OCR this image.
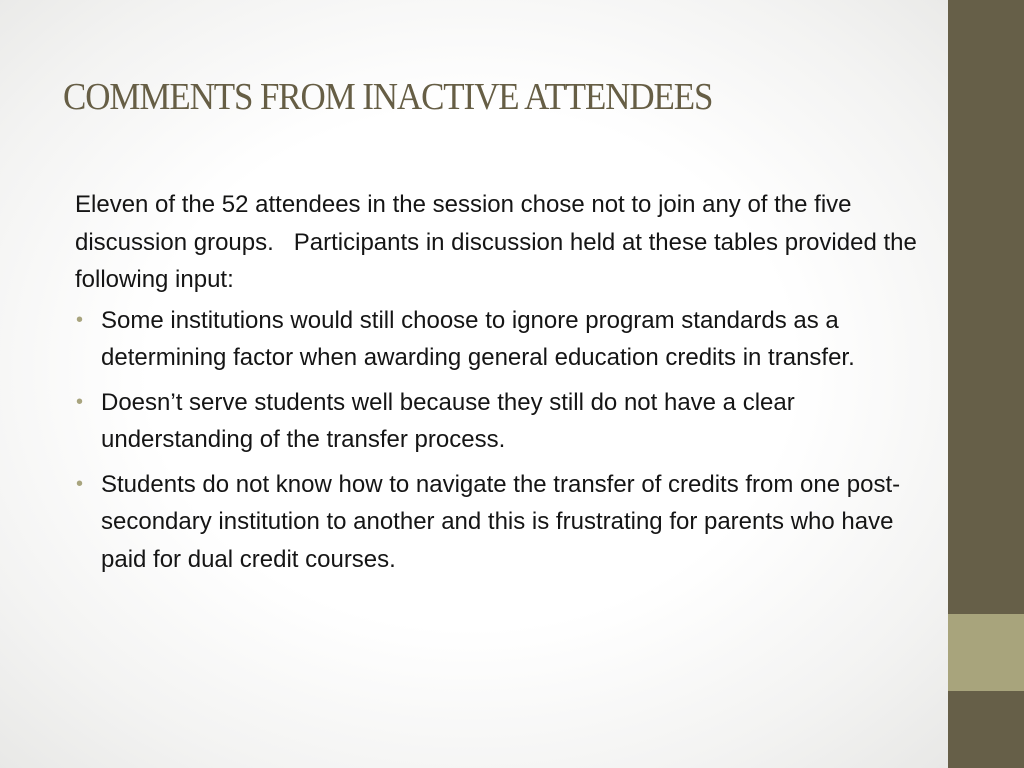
COMMENTS FROM INACTIVE ATTENDEES

Eleven of the 52 attendees in the session chose not to join any of the five discussion groups.   Participants in discussion held at these tables provided the following input:

• Some institutions would still choose to ignore program standards as a determining factor when awarding general education credits in transfer.
• Doesn’t serve students well because they still do not have a clear understanding of the transfer process.
• Students do not know how to navigate the transfer of credits from one post-secondary institution to another and this is frustrating for parents who have paid for dual credit courses.
